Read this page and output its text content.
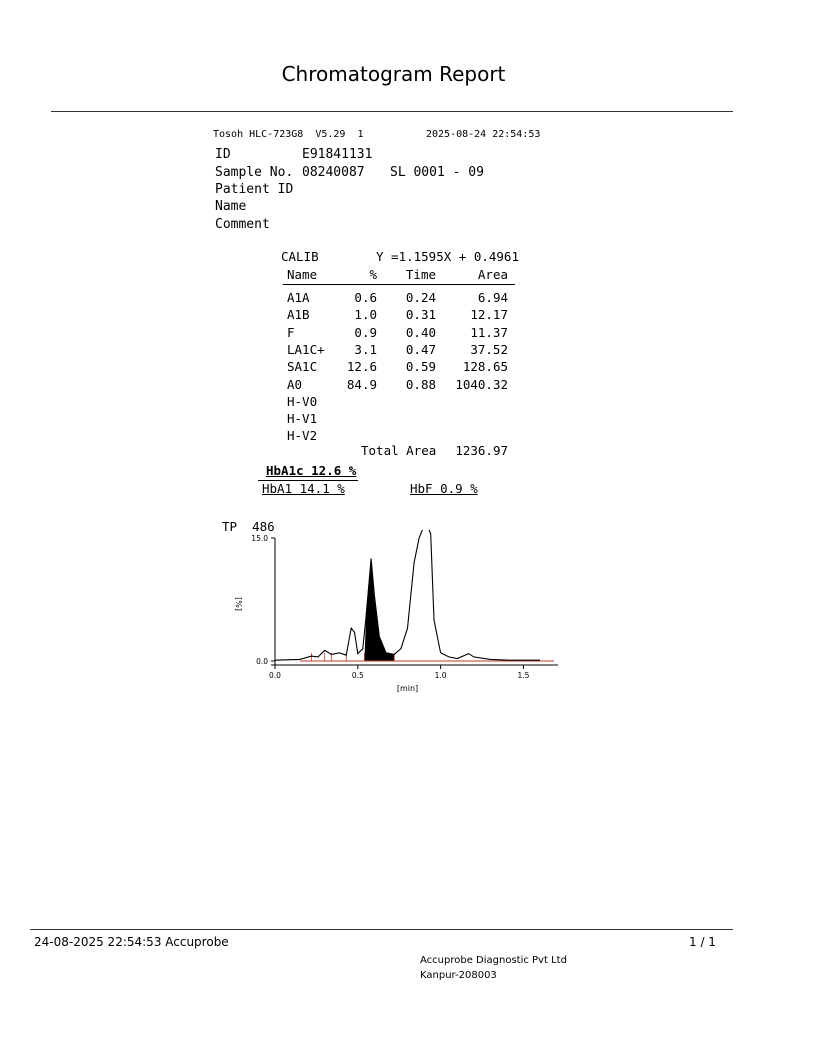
Chromatogram Report
Tosoh HLC-723G8  V5.29  1	2025-08-24 22:54:53
ID	E91841131
Sample No. 08240087 SL 0001 - 09
Patient ID
Name
Comment
CALIB	Y =1.1595X + 0.4961
Name	%	Time	Area
A1A	0.6	0.24	6.94
A1B	1.0	0.31	12.17
F	0.9	0.40	11.37
LA1C+	3.1	0.47	37.52
SA1C	12.6	0.59	128.65
A0	84.9	0.88	1040.32
H-V0
H-V1
H-V2
Total Area	1236.97
HbA1c 12.6 %
HbA1 14.1 %	HbF 0.9 %
TP  486
0.0
15.0
0.0	0.5	1.0	1.5
[%]
[min]
24-08-2025 22:54:53 Accuprobe	1 / 1
Accuprobe Diagnostic Pvt Ltd
Kanpur-208003
